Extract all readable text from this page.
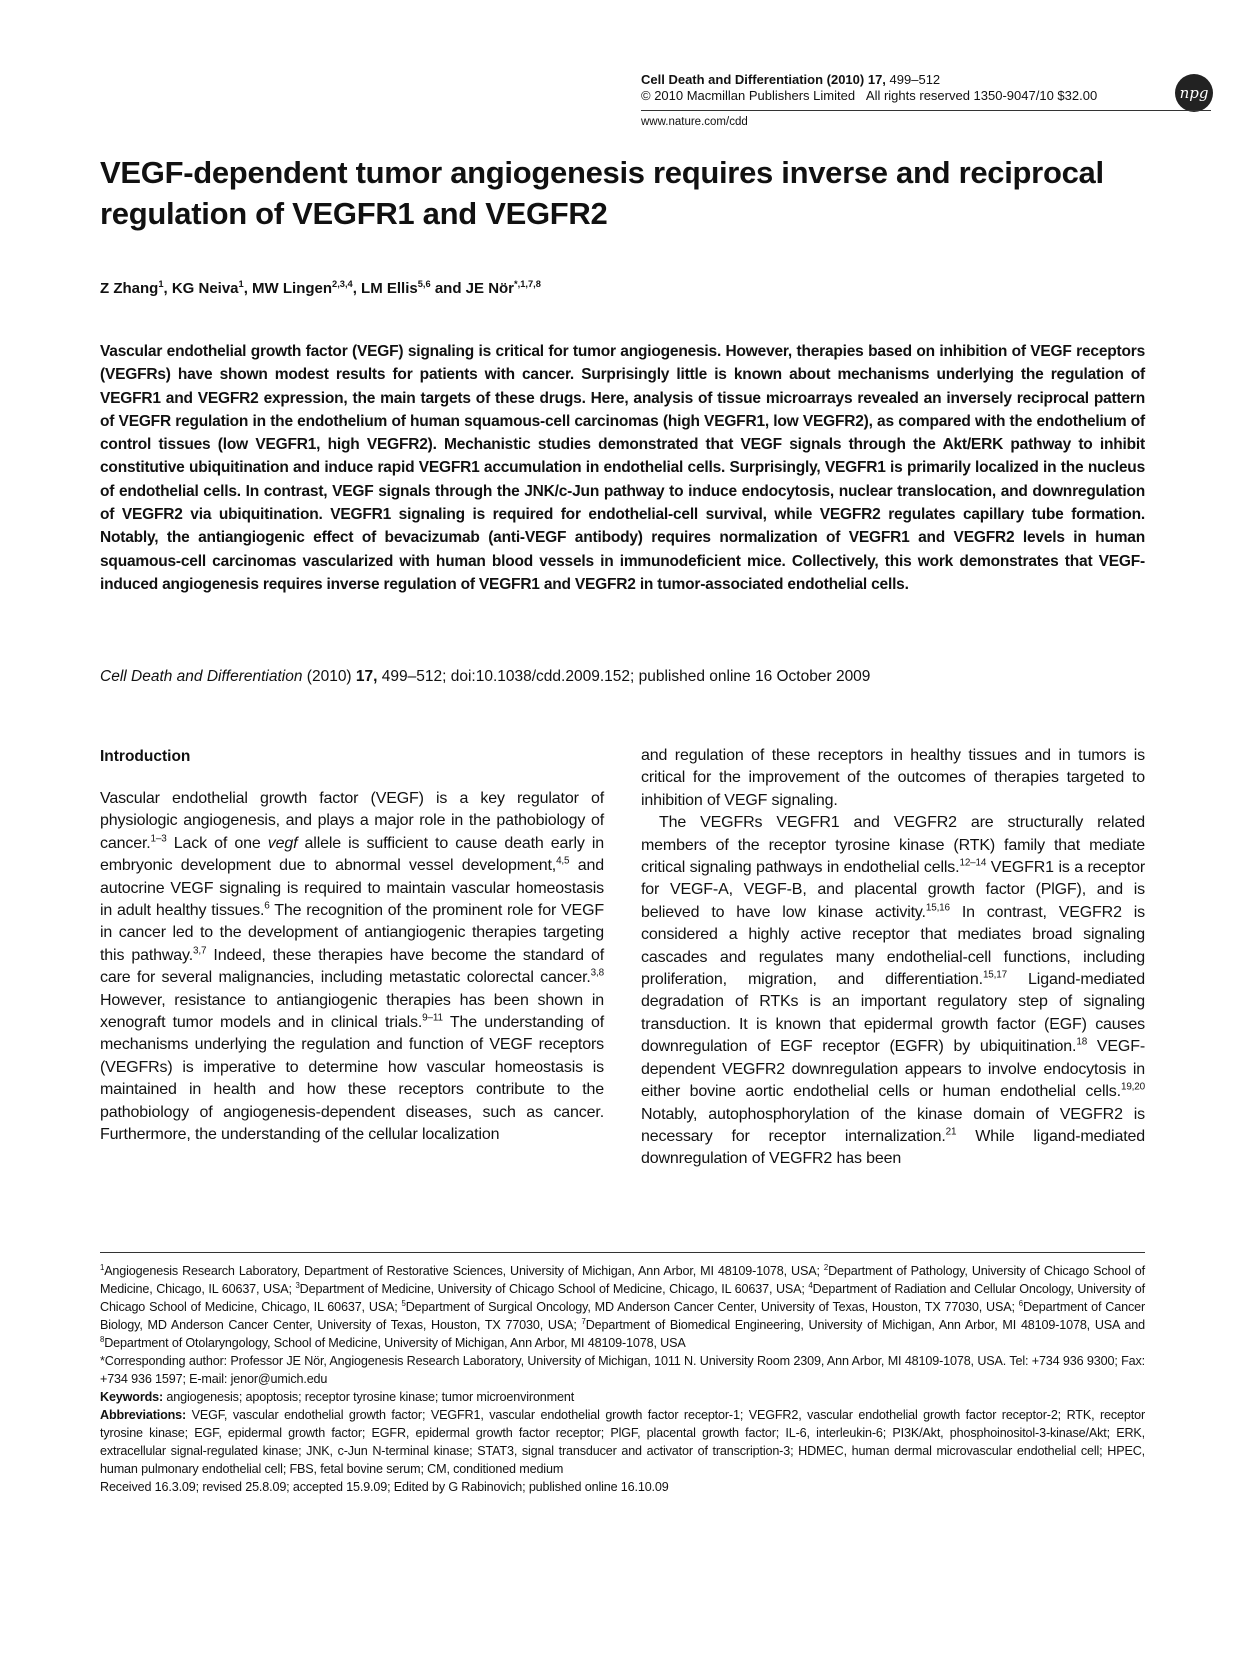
Cell Death and Differentiation (2010) 17, 499–512
© 2010 Macmillan Publishers Limited All rights reserved 1350-9047/10 $32.00	npg
www.nature.com/cdd
VEGF-dependent tumor angiogenesis requires inverse and reciprocal regulation of VEGFR1 and VEGFR2
Z Zhang$^1$, KG Neiva$^1$, MW Lingen$^{2,3,4}$, LM Ellis$^{5,6}$ and JE Nör$^{*,1,7,8}$
Vascular endothelial growth factor (VEGF) signaling is critical for tumor angiogenesis. However, therapies based on inhibition of VEGF receptors (VEGFRs) have shown modest results for patients with cancer. Surprisingly little is known about mechanisms underlying the regulation of VEGFR1 and VEGFR2 expression, the main targets of these drugs. Here, analysis of tissue microarrays revealed an inversely reciprocal pattern of VEGFR regulation in the endothelium of human squamous-cell carcinomas (high VEGFR1, low VEGFR2), as compared with the endothelium of control tissues (low VEGFR1, high VEGFR2). Mechanistic studies demonstrated that VEGF signals through the Akt/ERK pathway to inhibit constitutive ubiquitination and induce rapid VEGFR1 accumulation in endothelial cells. Surprisingly, VEGFR1 is primarily localized in the nucleus of endothelial cells. In contrast, VEGF signals through the JNK/c-Jun pathway to induce endocytosis, nuclear translocation, and downregulation of VEGFR2 via ubiquitination. VEGFR1 signaling is required for endothelial-cell survival, while VEGFR2 regulates capillary tube formation. Notably, the antiangiogenic effect of bevacizumab (anti-VEGF antibody) requires normalization of VEGFR1 and VEGFR2 levels in human squamous-cell carcinomas vascularized with human blood vessels in immunodeficient mice. Collectively, this work demonstrates that VEGF-induced angiogenesis requires inverse regulation of VEGFR1 and VEGFR2 in tumor-associated endothelial cells.
Cell Death and Differentiation (2010) 17, 499–512; doi:10.1038/cdd.2009.152; published online 16 October 2009
Introduction

Vascular endothelial growth factor (VEGF) is a key regulator of physiologic angiogenesis, and plays a major role in the pathobiology of cancer.$^{1-3}$ Lack of one vegf allele is sufficient to cause death early in embryonic development due to abnormal vessel development,$^{4,5}$ and autocrine VEGF signaling is required to maintain vascular homeostasis in adult healthy tissues.$^6$ The recognition of the prominent role for VEGF in cancer led to the development of antiangiogenic therapies targeting this pathway.$^{3,7}$ Indeed, these therapies have become the standard of care for several malignancies, including metastatic colorectal cancer.$^{3,8}$ However, resistance to antiangiogenic therapies has been shown in xenograft tumor models and in clinical trials.$^{9-11}$ The understanding of mechanisms underlying the regulation and function of VEGF receptors (VEGFRs) is imperative to determine how vascular homeostasis is maintained in health and how these receptors contribute to the pathobiology of angiogenesis-dependent diseases, such as cancer. Furthermore, the understanding of the cellular localization

and regulation of these receptors in healthy tissues and in tumors is critical for the improvement of the outcomes of therapies targeted to inhibition of VEGF signaling.

The VEGFRs VEGFR1 and VEGFR2 are structurally related members of the receptor tyrosine kinase (RTK) family that mediate critical signaling pathways in endothelial cells.$^{12-14}$ VEGFR1 is a receptor for VEGF-A, VEGF-B, and placental growth factor (PlGF), and is believed to have low kinase activity.$^{15,16}$ In contrast, VEGFR2 is considered a highly active receptor that mediates broad signaling cascades and regulates many endothelial-cell functions, including proliferation, migration, and differentiation.$^{15,17}$ Ligand-mediated degradation of RTKs is an important regulatory step of signaling transduction. It is known that epidermal growth factor (EGF) causes downregulation of EGF receptor (EGFR) by ubiquitination.$^{18}$ VEGF-dependent VEGFR2 downregulation appears to involve endocytosis in either bovine aortic endothelial cells or human endothelial cells.$^{19,20}$ Notably, autophosphorylation of the kinase domain of VEGFR2 is necessary for receptor internalization.$^{21}$ While ligand-mediated downregulation of VEGFR2 has been

$^1$Angiogenesis Research Laboratory, Department of Restorative Sciences, University of Michigan, Ann Arbor, MI 48109-1078, USA; $^2$Department of Pathology, University of Chicago School of Medicine, Chicago, IL 60637, USA; $^3$Department of Medicine, University of Chicago School of Medicine, Chicago, IL 60637, USA; $^4$Department of Radiation and Cellular Oncology, University of Chicago School of Medicine, Chicago, IL 60637, USA; $^5$Department of Surgical Oncology, MD Anderson Cancer Center, University of Texas, Houston, TX 77030, USA; $^6$Department of Cancer Biology, MD Anderson Cancer Center, University of Texas, Houston, TX 77030, USA; $^7$Department of Biomedical Engineering, University of Michigan, Ann Arbor, MI 48109-1078, USA and $^8$Department of Otolaryngology, School of Medicine, University of Michigan, Ann Arbor, MI 48109-1078, USA

*Corresponding author: Professor JE Nör, Angiogenesis Research Laboratory, University of Michigan, 1011 N. University Room 2309, Ann Arbor, MI 48109-1078, USA. Tel: +734 936 9300; Fax: +734 936 1597; E-mail: jenor@umich.edu

Keywords: angiogenesis; apoptosis; receptor tyrosine kinase; tumor microenvironment

Abbreviations: VEGF, vascular endothelial growth factor; VEGFR1, vascular endothelial growth factor receptor-1; VEGFR2, vascular endothelial growth factor receptor-2; RTK, receptor tyrosine kinase; EGF, epidermal growth factor; EGFR, epidermal growth factor receptor; PlGF, placental growth factor; IL-6, interleukin-6; PI3K/Akt, phosphoinositol-3-kinase/Akt; ERK, extracellular signal-regulated kinase; JNK, c-Jun N-terminal kinase; STAT3, signal transducer and activator of transcription-3; HDMEC, human dermal microvascular endothelial cell; HPEC, human pulmonary endothelial cell; FBS, fetal bovine serum; CM, conditioned medium

Received 16.3.09; revised 25.8.09; accepted 15.9.09; Edited by G Rabinovich; published online 16.10.09
